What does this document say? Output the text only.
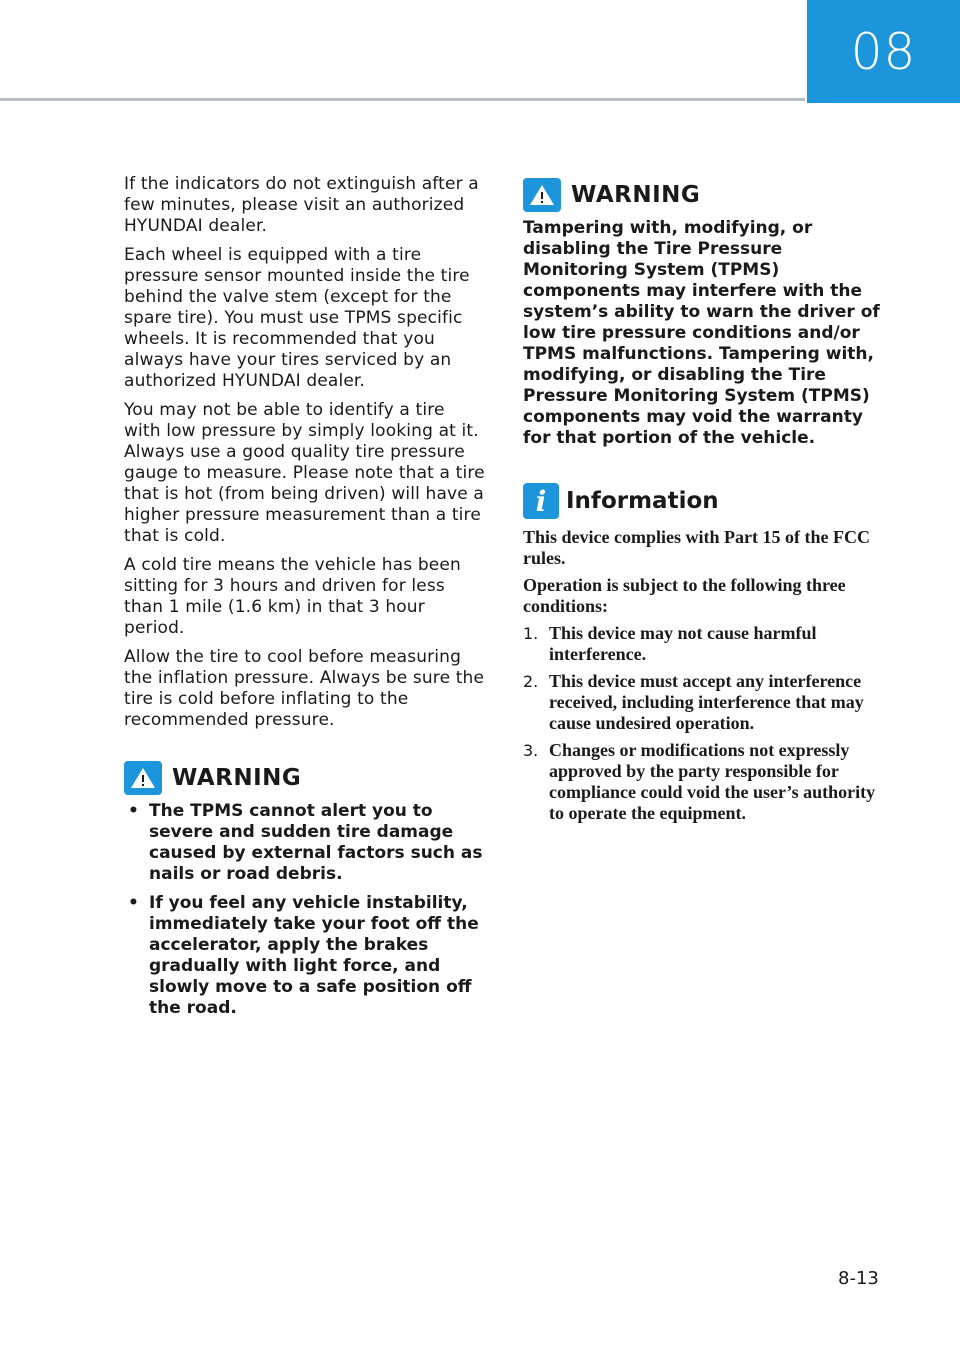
08

If the indicators do not extinguish after a few minutes, please visit an authorized HYUNDAI dealer.

Each wheel is equipped with a tire pressure sensor mounted inside the tire behind the valve stem (except for the spare tire). You must use TPMS specific wheels. It is recommended that you always have your tires serviced by an authorized HYUNDAI dealer.

You may not be able to identify a tire with low pressure by simply looking at it. Always use a good quality tire pressure gauge to measure. Please note that a tire that is hot (from being driven) will have a higher pressure measurement than a tire that is cold.

A cold tire means the vehicle has been sitting for 3 hours and driven for less than 1 mile (1.6 km) in that 3 hour period.

Allow the tire to cool before measuring the inflation pressure. Always be sure the tire is cold before inflating to the recommended pressure.

WARNING
• The TPMS cannot alert you to severe and sudden tire damage caused by external factors such as nails or road debris.
• If you feel any vehicle instability, immediately take your foot off the accelerator, apply the brakes gradually with light force, and slowly move to a safe position off the road.
WARNING

Tampering with, modifying, or disabling the Tire Pressure Monitoring System (TPMS) components may interfere with the system’s ability to warn the driver of low tire pressure conditions and/or TPMS malfunctions. Tampering with, modifying, or disabling the Tire Pressure Monitoring System (TPMS) components may void the warranty for that portion of the vehicle.

i Information

This device complies with Part 15 of the FCC rules.

Operation is subject to the following three conditions:

1. This device may not cause harmful interference.
2. This device must accept any interference received, including interference that may cause undesired operation.
3. Changes or modifications not expressly approved by the party responsible for compliance could void the user’s authority to operate the equipment.
8-13
